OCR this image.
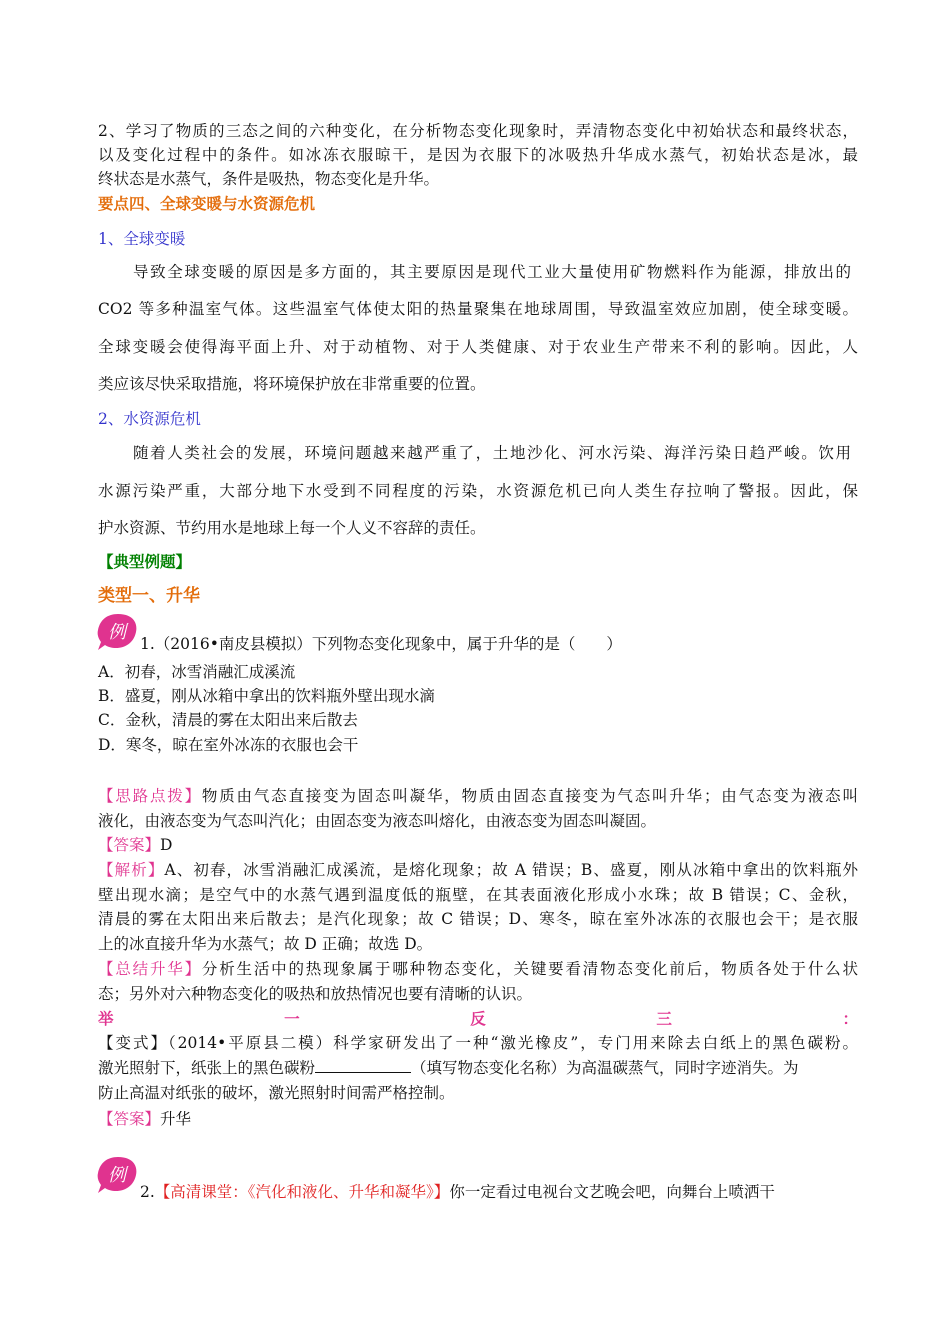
2、学习了物质的三态之间的六种变化，在分析物态变化现象时，弄清物态变化中初始状态和最终状态，
以及变化过程中的条件。如冰冻衣服晾干，是因为衣服下的冰吸热升华成水蒸气，初始状态是冰，最
终状态是水蒸气，条件是吸热，物态变化是升华。
要点四、全球变暖与水资源危机
1、全球变暖
导致全球变暖的原因是多方面的，其主要原因是现代工业大量使用矿物燃料作为能源，排放出的
CO2 等多种温室气体。这些温室气体使太阳的热量聚集在地球周围，导致温室效应加剧，使全球变暖。
全球变暖会使得海平面上升、对于动植物、对于人类健康、对于农业生产带来不利的影响。因此，人
类应该尽快采取措施，将环境保护放在非常重要的位置。
2、水资源危机
随着人类社会的发展，环境问题越来越严重了，土地沙化、河水污染、海洋污染日趋严峻。饮用
水源污染严重，大部分地下水受到不同程度的污染，水资源危机已向人类生存拉响了警报。因此，保
护水资源、节约用水是地球上每一个人义不容辞的责任。
【典型例题】
类型一、升华
例
1.（2016•南皮县模拟）下列物态变化现象中，属于升华的是（　　）
A．初春，冰雪消融汇成溪流
B．盛夏，刚从冰箱中拿出的饮料瓶外壁出现水滴
C．金秋，清晨的雾在太阳出来后散去
D．寒冬，晾在室外冰冻的衣服也会干
【思路点拨】物质由气态直接变为固态叫凝华，物质由固态直接变为气态叫升华；由气态变为液态叫
液化，由液态变为气态叫汽化；由固态变为液态叫熔化，由液态变为固态叫凝固。
【答案】D
【解析】A、初春，冰雪消融汇成溪流，是熔化现象；故 A 错误；B、盛夏，刚从冰箱中拿出的饮料瓶外
壁出现水滴；是空气中的水蒸气遇到温度低的瓶壁，在其表面液化形成小水珠；故 B 错误；C、金秋，
清晨的雾在太阳出来后散去；是汽化现象；故 C 错误；D、寒冬，晾在室外冰冻的衣服也会干；是衣服
上的冰直接升华为水蒸气；故 D 正确；故选 D。
【总结升华】分析生活中的热现象属于哪种物态变化，关键要看清物态变化前后，物质各处于什么状
态；另外对六种物态变化的吸热和放热情况也要有清晰的认识。
举	一	反	三	：
【变式】（2014•平原县二模）科学家研发出了一种“激光橡皮”，专门用来除去白纸上的黑色碳粉。
激光照射下，纸张上的黑色碳粉	（填写物态变化名称）为高温碳蒸气，同时字迹消失。为
防止高温对纸张的破坏，激光照射时间需严格控制。
【答案】升华
例
2.【高清课堂：《汽化和液化、升华和凝华》】你一定看过电视台文艺晚会吧，向舞台上喷洒干
